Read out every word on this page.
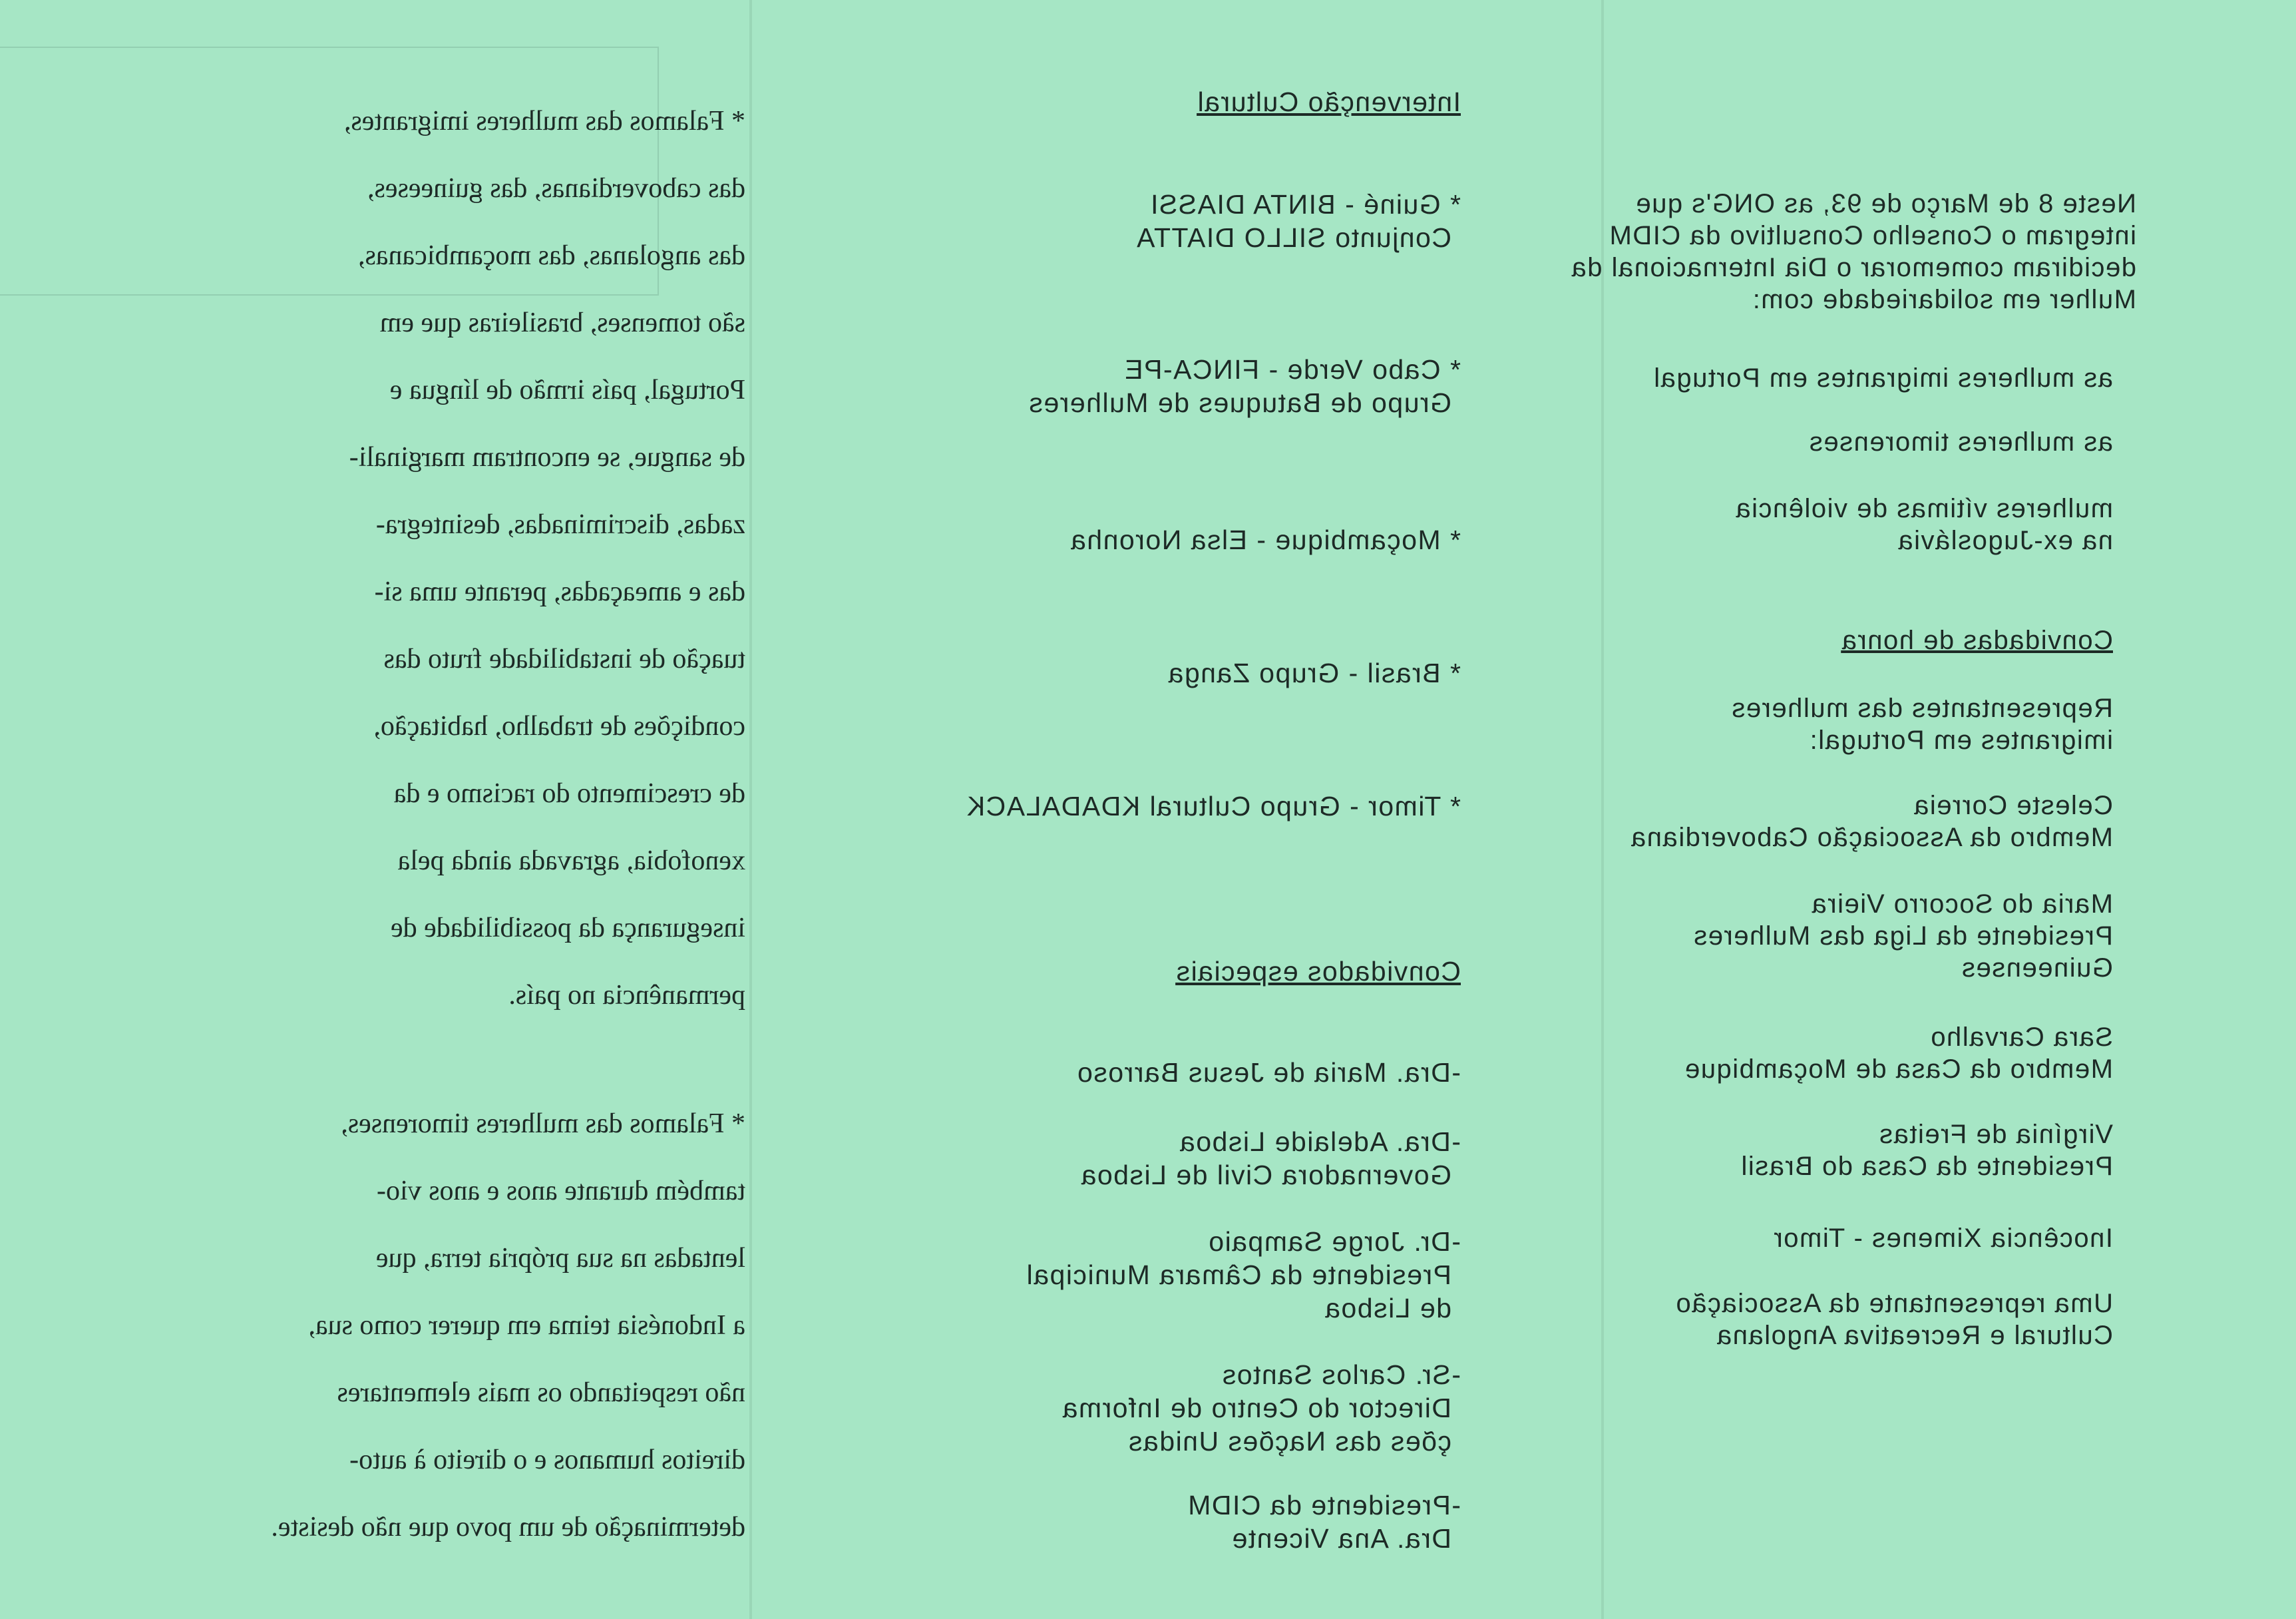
Neste 8 de Março de 93, as ONG's que
integram o Conselho Consultivo da CIDM
decidiram comemorar o Dia Internacional da
Mulher em solidariedade com:
as mulheres imigrantes em Portugal
as mulheres timorenses
mulheres vítimas de violência
na ex-Jugoslávia
Convidadas de honra
Representantes das mulheres
imigrantes em Portugal:
Celeste Correia
Membro da Associação Caboverdiana
Maria do Socorro Vieira
Presidente da Liga das Mulheres
Guineenses
Sara Carvalho
Membro da Casa de Moçambique
Virgínia de Freitas
Presidente da Casa do Brasil
Inocência Ximenes - Timor
Uma representante da Associação
Cultural e Recreativa Angolana
Intervenção Cultural
* Guiné - BINTA DIASSI
Conjunto SILLO DIATTA
* Cabo Verde - FINCA-PE
Grupo de Batuques de Mulheres
* Moçambique - Elsa Noronha
* Brasil - Grupo Zanga
* Timor - Grupo Cultural KDADALACK
Convidados especiais
-Dra. Maria de Jesus Barroso
-Dra. Adelaide Lisboa
Governadora Civil de Lisboa
-Dr. Jorge Sampaio
Presidente da Câmara Municipal
de Lisboa
-Sr. Carlos Santos
Director do Centro de Informa
ções das Nações Unidas
-Presidente da CIDM
Dra. Ana Vicente
* Falamos das mulheres imigrantes,
das caboverdianas, das guineeses,
das angolanas, das moçambicanas,
são tomenses, brasileiras que em
Portugal, país irmão de língua e
de sangue, se encontram marginali-
zadas, discriminadas, desintegra-
das e ameaçadas, perante uma si-
tuação de instabilidade fruto das
condições de trabalho, habitação,
de crescimento do racismo e da
xenofobia, agravada ainda pela
insegurança da possibilidade de
permanência no país.
* Falamos das mulheres timorenses,
também durante anos e anos vio-
lentadas na sua própria terra, que
a Indonésia teima em querer como sua,
não respeitando os mais elementares
direitos humanos e o direito à auto-
determinação de um povo que não desiste.
